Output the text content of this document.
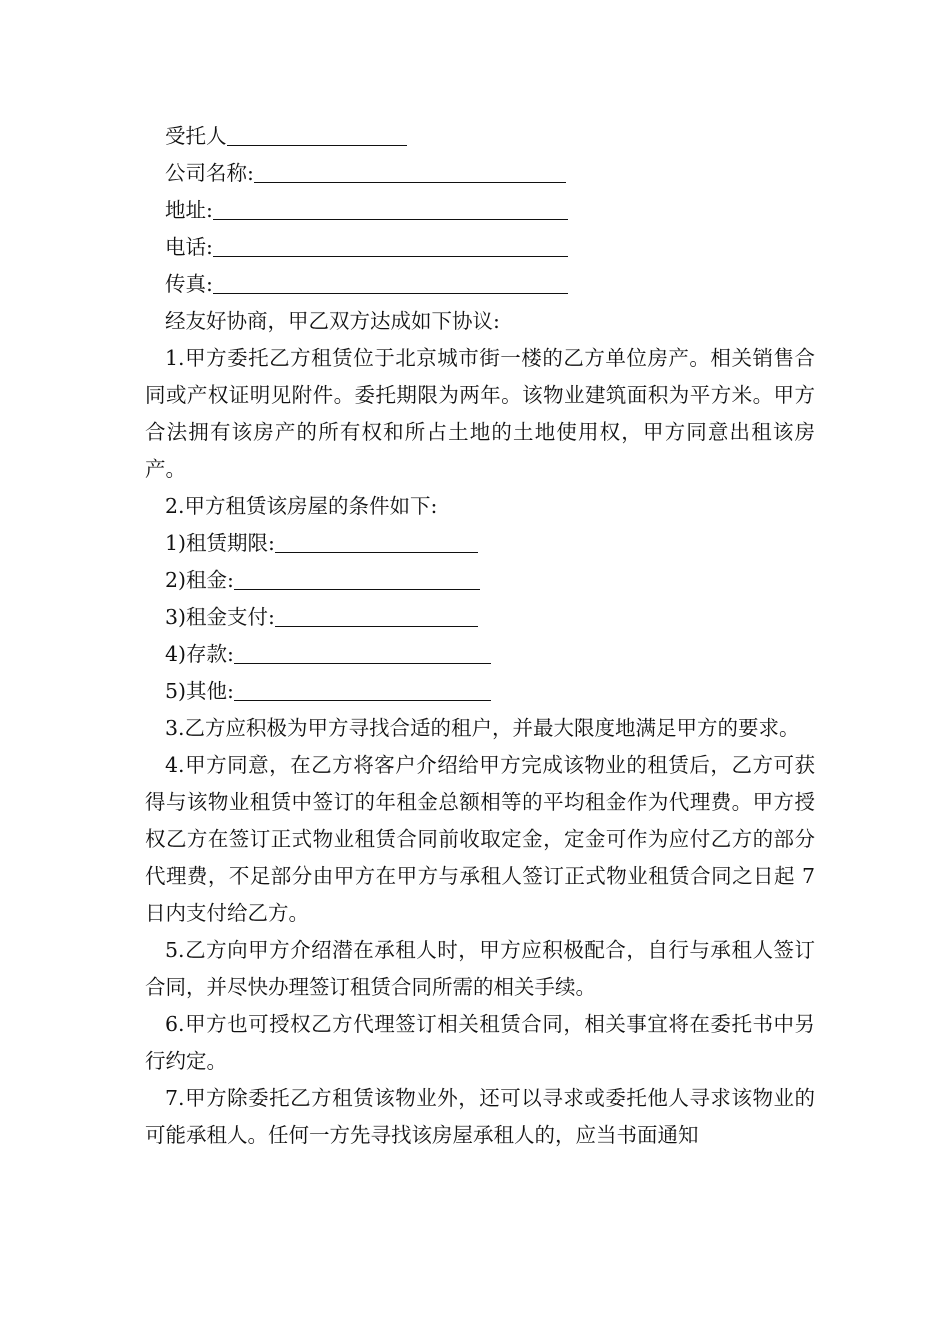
受托人
公司名称:
地址:
电话:
传真:

经友好协商，甲乙双方达成如下协议:

1.甲方委托乙方租赁位于北京城市街一楼的乙方单位房产。相关销售合同或产权证明见附件。委托期限为两年。该物业建筑面积为平方米。甲方合法拥有该房产的所有权和所占土地的土地使用权，甲方同意出租该房产。

2.甲方租赁该房屋的条件如下:

1)租赁期限:
2)租金:
3)租金支付:
4)存款:
5)其他:

3.乙方应积极为甲方寻找合适的租户，并最大限度地满足甲方的要求。

4.甲方同意，在乙方将客户介绍给甲方完成该物业的租赁后，乙方可获得与该物业租赁中签订的年租金总额相等的平均租金作为代理费。甲方授权乙方在签订正式物业租赁合同前收取定金，定金可作为应付乙方的部分代理费，不足部分由甲方在甲方与承租人签订正式物业租赁合同之日起 7 日内支付给乙方。

5.乙方向甲方介绍潜在承租人时，甲方应积极配合，自行与承租人签订合同，并尽快办理签订租赁合同所需的相关手续。

6.甲方也可授权乙方代理签订相关租赁合同，相关事宜将在委托书中另行约定。

7.甲方除委托乙方租赁该物业外，还可以寻求或委托他人寻求该物业的可能承租人。任何一方先寻找该房屋承租人的，应当书面通知
